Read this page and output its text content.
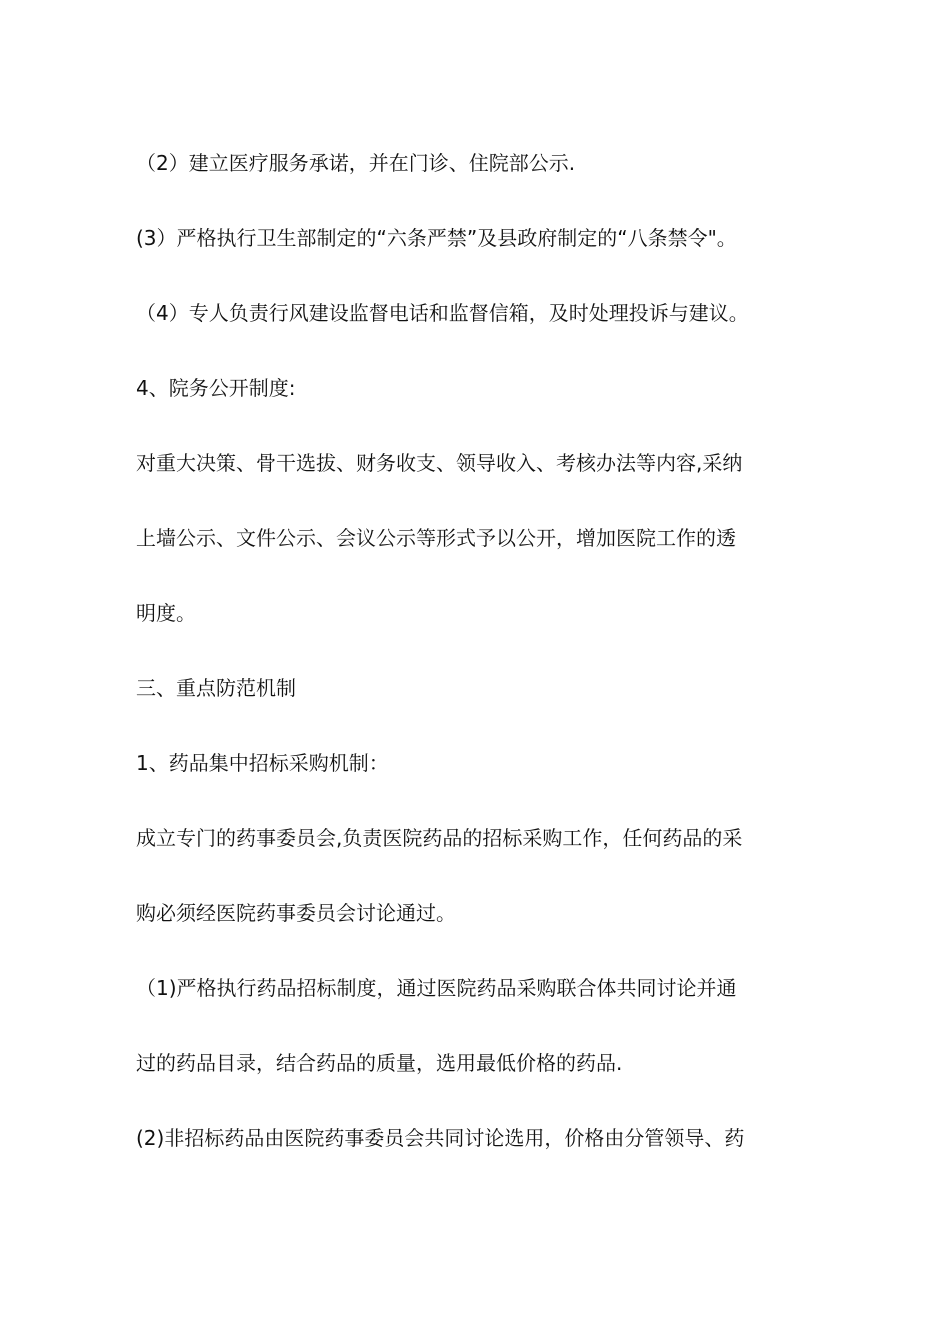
（2）建立医疗服务承诺，并在门诊、住院部公示.

(3）严格执行卫生部制定的“六条严禁”及县政府制定的“八条禁令"。

（4）专人负责行风建设监督电话和监督信箱，及时处理投诉与建议。

4、院务公开制度:

对重大决策、骨干选拔、财务收支、领导收入、考核办法等内容,采纳

上墙公示、文件公示、会议公示等形式予以公开，增加医院工作的透

明度。

三、重点防范机制

1、药品集中招标采购机制：

成立专门的药事委员会,负责医院药品的招标采购工作，任何药品的采

购必须经医院药事委员会讨论通过。

（1)严格执行药品招标制度，通过医院药品采购联合体共同讨论并通

过的药品目录，结合药品的质量，选用最低价格的药品.

(2)非招标药品由医院药事委员会共同讨论选用，价格由分管领导、药
